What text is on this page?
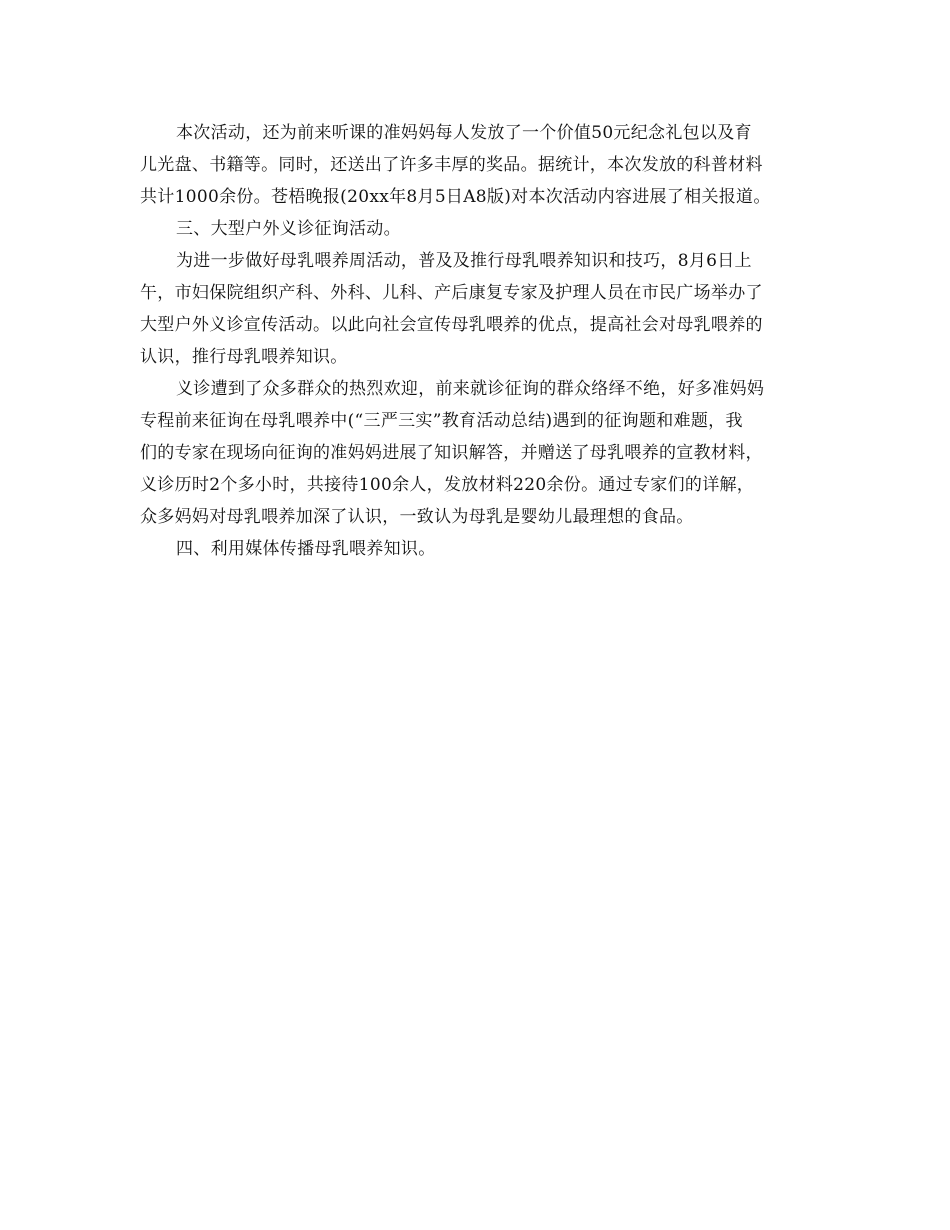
本次活动，还为前来听课的准妈妈每人发放了一个价值50元纪念礼包以及育
儿光盘、书籍等。同时，还送出了许多丰厚的奖品。据统计，本次发放的科普材料
共计1000余份。苍梧晚报(20xx年8月5日A8版)对本次活动内容进展了相关报道。
三、大型户外义诊征询活动。
为进一步做好母乳喂养周活动，普及及推行母乳喂养知识和技巧，8月6日上
午，市妇保院组织产科、外科、儿科、产后康复专家及护理人员在市民广场举办了
大型户外义诊宣传活动。以此向社会宣传母乳喂养的优点，提高社会对母乳喂养的
认识，推行母乳喂养知识。
义诊遭到了众多群众的热烈欢迎，前来就诊征询的群众络绎不绝，好多准妈妈
专程前来征询在母乳喂养中(“三严三实”教育活动总结)遇到的征询题和难题，我
们的专家在现场向征询的准妈妈进展了知识解答，并赠送了母乳喂养的宣教材料，
义诊历时2个多小时，共接待100余人，发放材料220余份。通过专家们的详解，
众多妈妈对母乳喂养加深了认识，一致认为母乳是婴幼儿最理想的食品。
四、利用媒体传播母乳喂养知识。
